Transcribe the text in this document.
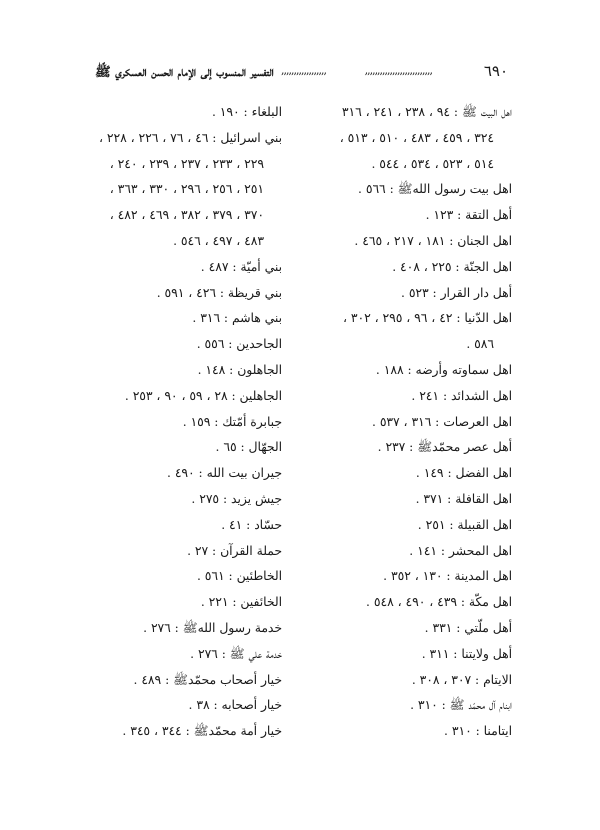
٦٩٠
,,,,,,,,,,,,,,,,,,,,,,,,,,,
,,,,,,,,,,,,,,,,,,
التفسير المنسوب إلى الإمام الحسن العسكري ﷺ
اهل البيت ﷺ : ٩٤ ، ٢٣٨ ، ٢٤١ ، ٣١٦
٣٢٤ ، ٤٥٩ ، ٤٨٣ ، ٥١٠ ، ٥١٣ ،
٥١٤ ، ٥٢٣ ، ٥٣٤ ، ٥٤٤ .
اهل بيت رسول اللهﷺ : ٥٦٦ .
أهل التقة : ١٢٣ .
اهل الجنان : ١٨١ ، ٢١٧ ، ٤٦٥ .
اهل الجنّة : ٢٢٥ ، ٤٠٨ .
أهل دار القرار : ٥٢٣ .
اهل الدّنيا : ٤٢ ، ٩٦ ، ٢٩٥ ، ٣٠٢ ،
٥٨٦ .
اهل سماوته وأرضه : ١٨٨ .
اهل الشدائد : ٢٤١ .
اهل العرصات : ٣١٦ ، ٥٣٧ .
أهل عصر محمّدﷺ : ٢٣٧ .
اهل الفضل : ١٤٩ .
اهل القافلة : ٣٧١ .
اهل القبيلة : ٢٥١ .
اهل المحشر : ١٤١ .
اهل المدينة : ١٣٠ ، ٣٥٢ .
اهل مكّة : ٤٣٩ ، ٤٩٠ ، ٥٤٨ .
أهل ملّتي : ٣٣١ .
أهل ولايتنا : ٣١١ .
الايتام : ٣٠٧ ، ٣٠٨ .
ابنام آل محمّد ﷺ : ٣١٠ .
ايتامنا : ٣١٠ .
البلغاء : ١٩٠ .
بني اسرائيل : ٤٦ ، ٧٦ ، ٢٢٦ ، ٢٢٨ ،
٢٢٩ ، ٢٣٣ ، ٢٣٧ ، ٢٣٩ ، ٢٤٠ ،
٢٥١ ، ٢٥٦ ، ٢٩٦ ، ٣٣٠ ، ٣٦٣ ،
٣٧٠ ، ٣٧٩ ، ٣٨٢ ، ٤٦٩ ، ٤٨٢ ،
٤٨٣ ، ٤٩٧ ، ٥٤٦ .
بني أميّة : ٤٨٧ .
بني قريظة : ٤٢٦ ، ٥٩١ .
بني هاشم : ٣١٦ .
الجاحدين : ٥٥٦ .
الجاهلون : ١٤٨ .
الجاهلين : ٢٨ ، ٥٩ ، ٩٠ ، ٢٥٣ .
جبابرة أمّتك : ١٥٩ .
الجهّال : ٦٥ .
جيران بيت الله : ٤٩٠ .
جيش يزيد : ٢٧٥ .
حسّاد : ٤١ .
حملة القرآن : ٢٧ .
الخاطئين : ٥٦١ .
الخائفين : ٢٢١ .
خدمة رسول اللهﷺ : ٢٧٦ .
خدمة علي ﷺ : ٢٧٦ .
خيار أصحاب محمّدﷺ : ٤٨٩ .
خيار أصحابه : ٣٨ .
خيار أمة محمّدﷺ : ٣٤٤ ، ٣٤٥ .
